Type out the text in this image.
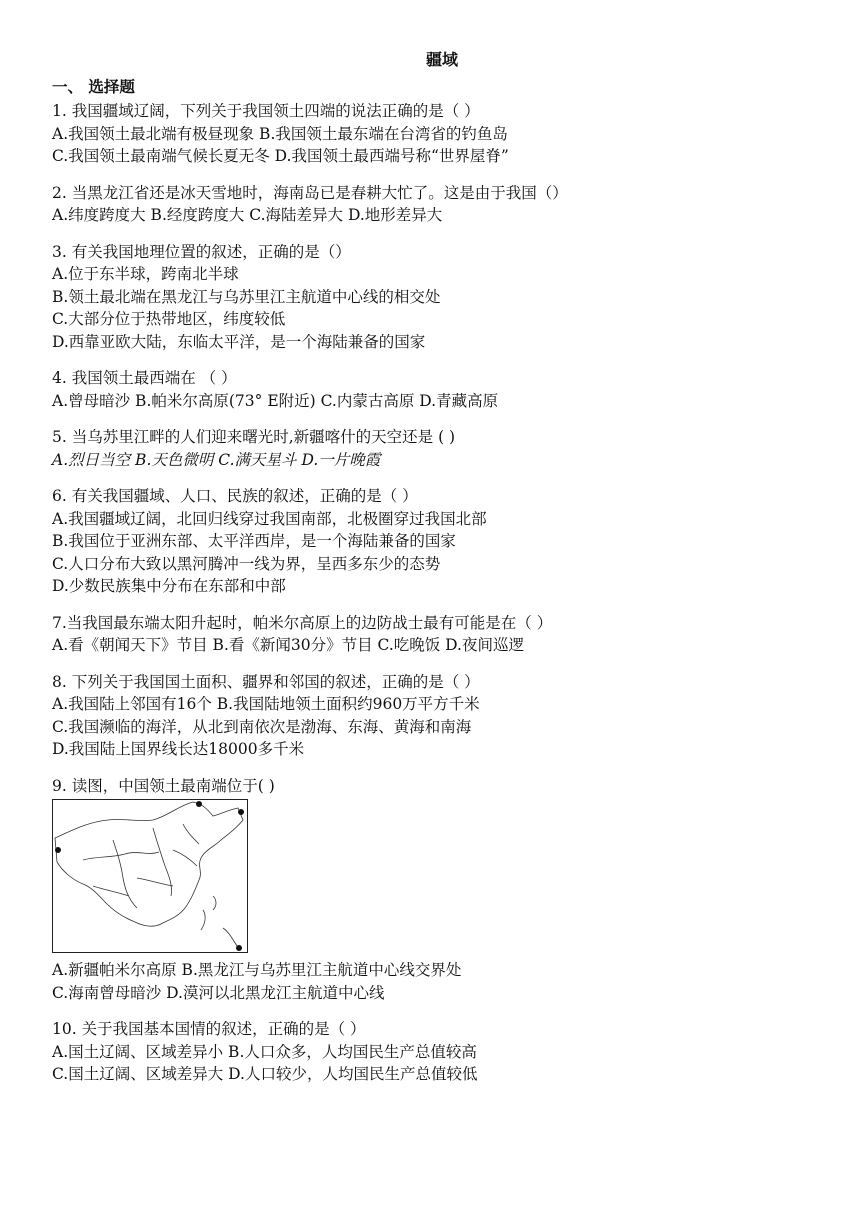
疆域
一、 选择题
1. 我国疆域辽阔，下列关于我国领土四端的说法正确的是（ ）
A.我国领土最北端有极昼现象 B.我国领土最东端在台湾省的钓鱼岛
C.我国领土最南端气候长夏无冬 D.我国领土最西端号称“世界屋脊”
2. 当黑龙江省还是冰天雪地时，海南岛已是春耕大忙了。这是由于我国（）
A.纬度跨度大 B.经度跨度大 C.海陆差异大 D.地形差异大
3. 有关我国地理位置的叙述，正确的是（）
A.位于东半球，跨南北半球
B.领土最北端在黑龙江与乌苏里江主航道中心线的相交处
C.大部分位于热带地区，纬度较低
D.西靠亚欧大陆，东临太平洋，是一个海陆兼备的国家
4. 我国领土最西端在 （ ）
A.曾母暗沙 B.帕米尔高原(73° E附近) C.内蒙古高原 D.青藏高原
5. 当乌苏里江畔的人们迎来曙光时,新疆喀什的天空还是 ( )
A.烈日当空 B.天色微明 C.满天星斗 D.一片晚霞
6. 有关我国疆域、人口、民族的叙述，正确的是（ ）
A.我国疆域辽阔，北回归线穿过我国南部，北极圈穿过我国北部
B.我国位于亚洲东部、太平洋西岸，是一个海陆兼备的国家
C.人口分布大致以黑河腾冲一线为界，呈西多东少的态势
D.少数民族集中分布在东部和中部
7.当我国最东端太阳升起时，帕米尔高原上的边防战士最有可能是在（ ）
A.看《朝闻天下》节目 B.看《新闻30分》节目 C.吃晚饭 D.夜间巡逻
8. 下列关于我国国土面积、疆界和邻国的叙述，正确的是（ ）
A.我国陆上邻国有16个 B.我国陆地领土面积约960万平方千米
C.我国濒临的海洋，从北到南依次是渤海、东海、黄海和南海
D.我国陆上国界线长达18000多千米
9. 读图，中国领土最南端位于( )
A.新疆帕米尔高原 B.黑龙江与乌苏里江主航道中心线交界处
C.海南曾母暗沙 D.漠河以北黑龙江主航道中心线
10. 关于我国基本国情的叙述，正确的是（ ）
A.国土辽阔、区域差异小 B.人口众多，人均国民生产总值较高
C.国土辽阔、区域差异大 D.人口较少，人均国民生产总值较低
